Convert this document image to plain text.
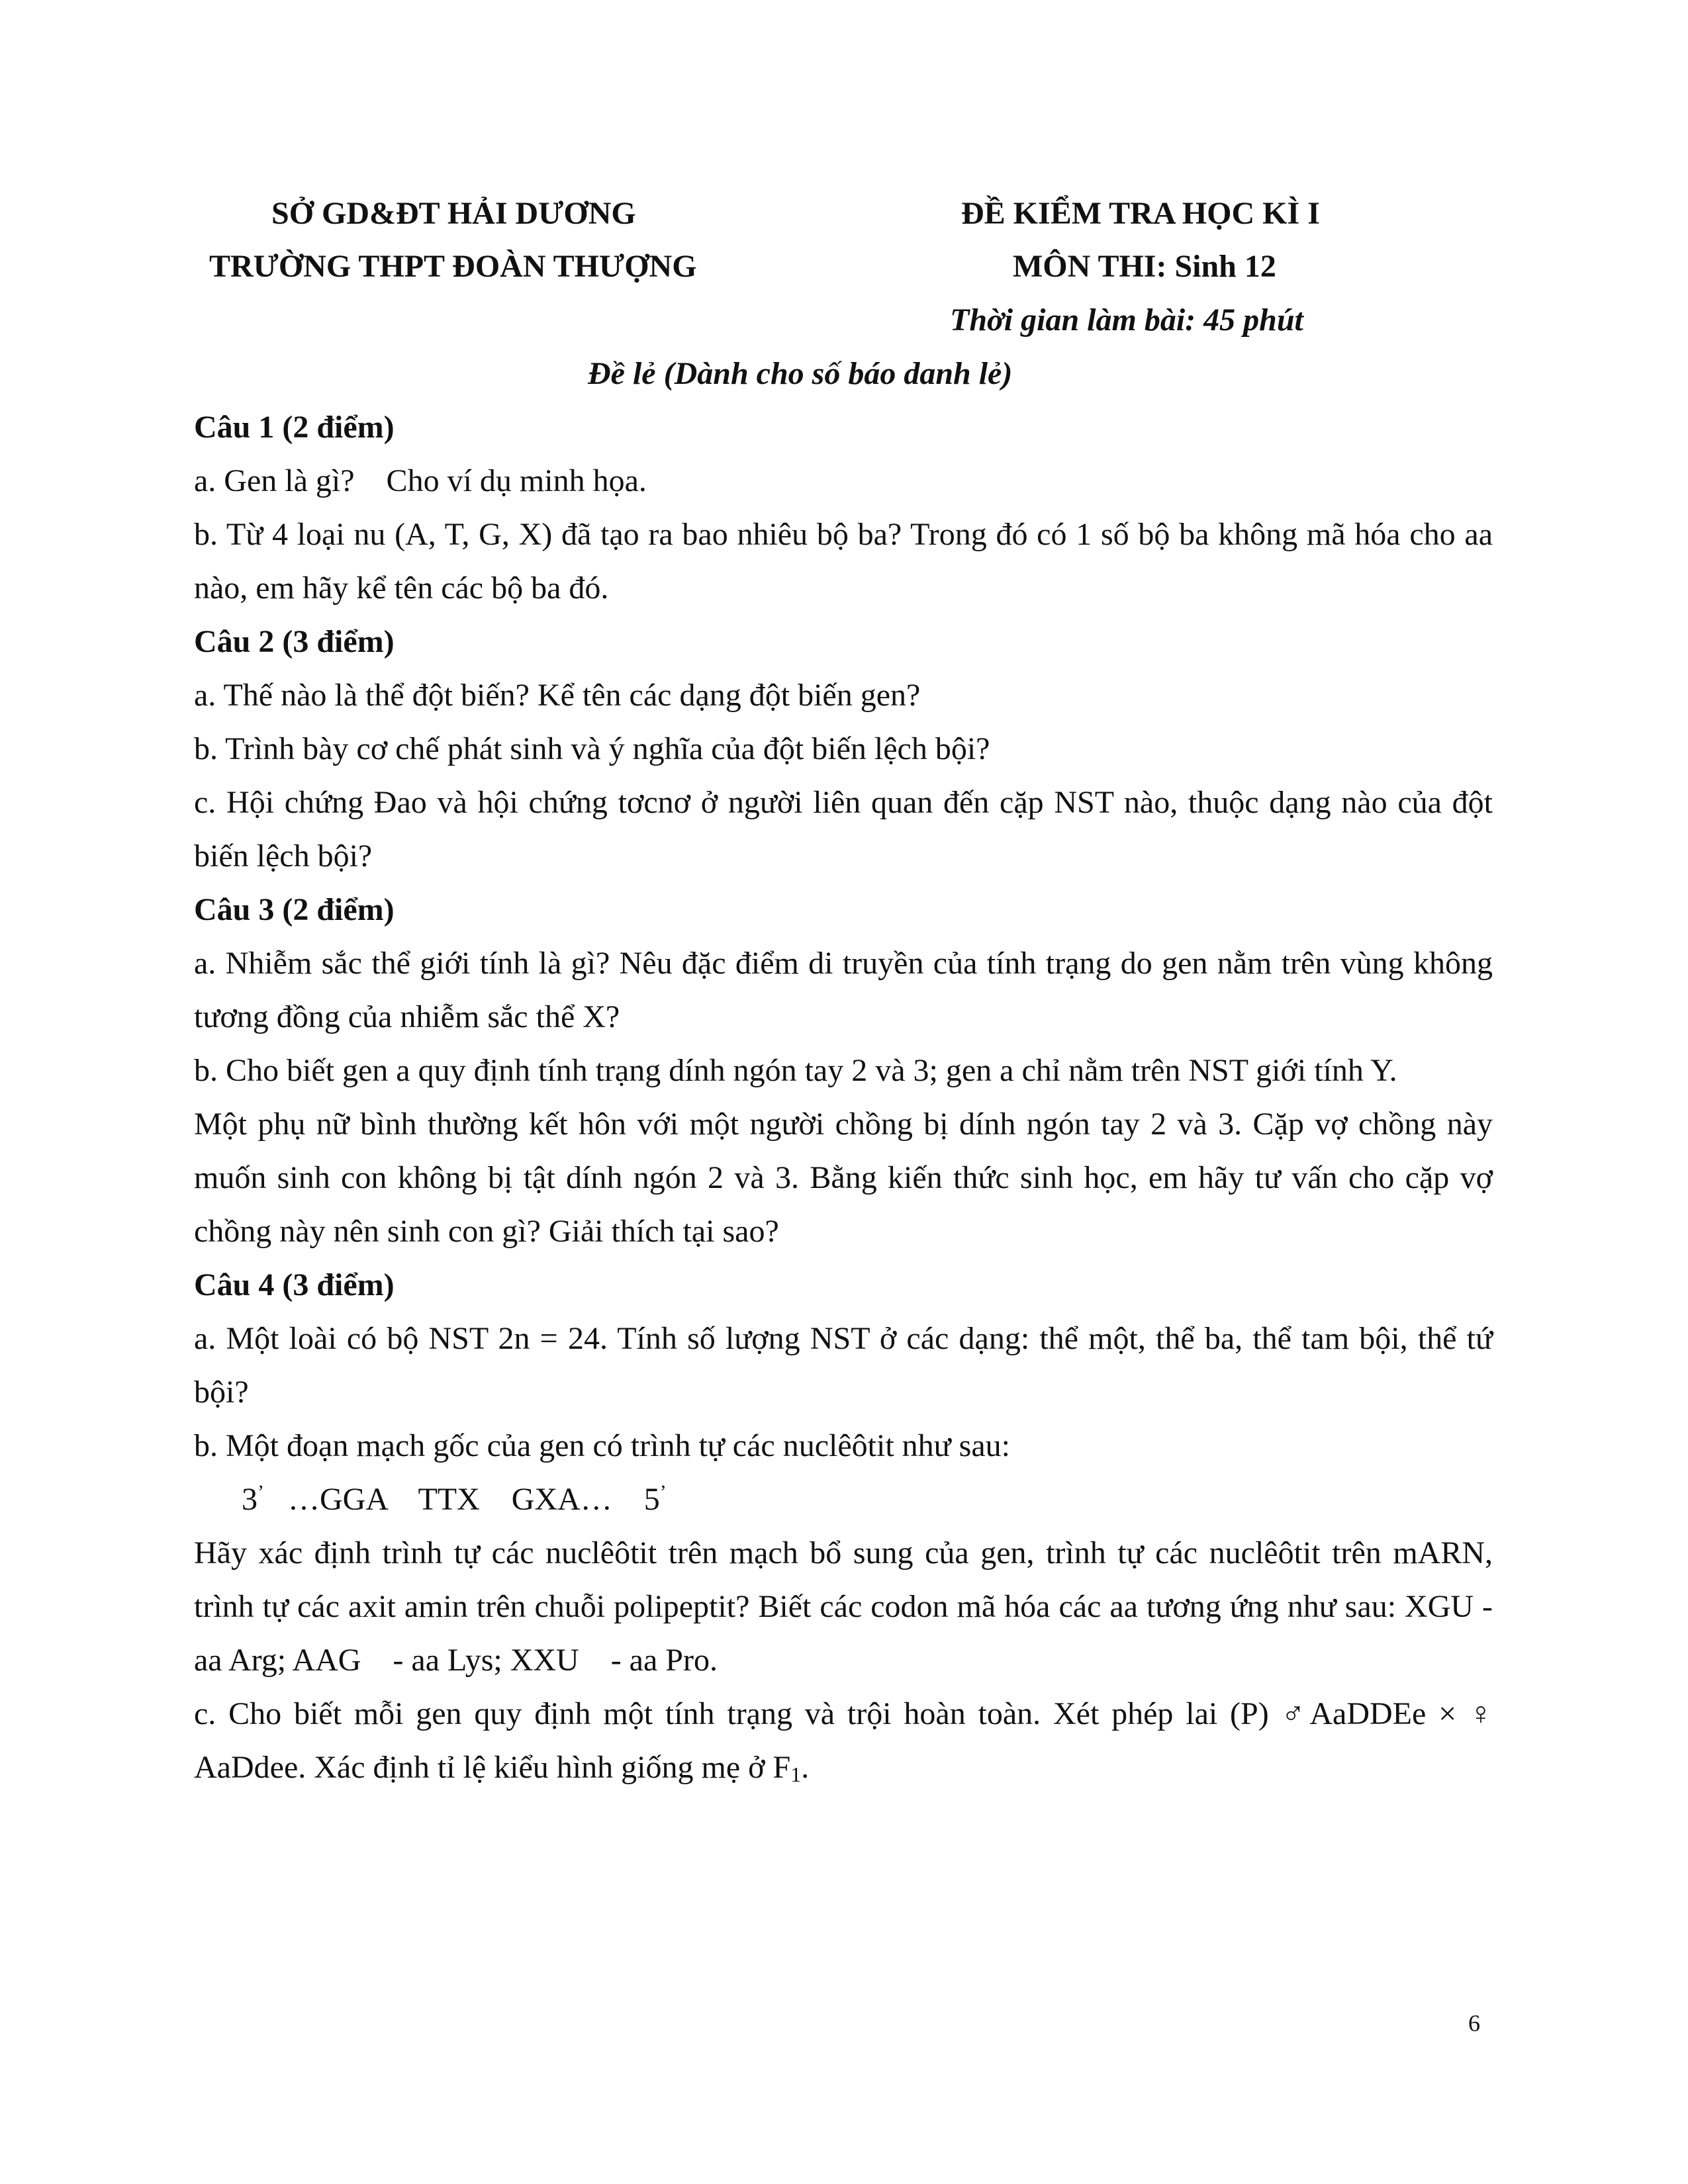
SỞ GD&ĐT HẢI DƯƠNG
TRƯỜNG THPT ĐOÀN THƯỢNG
ĐỀ KIỂM TRA HỌC KÌ I
MÔN THI: Sinh 12
Thời gian làm bài: 45 phút
Đề lẻ (Dành cho số báo danh lẻ)

Câu 1 (2 điểm)

a. Gen là gì?    Cho ví dụ minh họa.

b. Từ 4 loại nu (A, T, G, X) đã tạo ra bao nhiêu bộ ba? Trong đó có 1 số bộ ba không mã hóa cho aa nào, em hãy kể tên các bộ ba đó.

Câu 2 (3 điểm)

a. Thế nào là thể đột biến? Kể tên các dạng đột biến gen?

b. Trình bày cơ chế phát sinh và ý nghĩa của đột biến lệch bội?

c. Hội chứng Đao và hội chứng tơcnơ ở người liên quan đến cặp NST nào, thuộc dạng nào của đột biến lệch bội?

Câu 3 (2 điểm)

a. Nhiễm sắc thể giới tính là gì? Nêu đặc điểm di truyền của tính trạng do gen nằm trên vùng không tương đồng của nhiễm sắc thể X?

b. Cho biết gen a quy định tính trạng dính ngón tay 2 và 3; gen a chỉ nằm trên NST giới tính Y.

Một phụ nữ bình thường kết hôn với một người chồng bị dính ngón tay 2 và 3. Cặp vợ chồng này muốn sinh con không bị tật dính ngón 2 và 3. Bằng kiến thức sinh học, em hãy tư vấn cho cặp vợ chồng này nên sinh con gì? Giải thích tại sao?

Câu 4 (3 điểm)

a. Một loài có bộ NST 2n = 24. Tính số lượng NST ở các dạng: thể một, thể ba, thể tam bội, thể tứ bội?

b. Một đoạn mạch gốc của gen có trình tự các nuclêôtit như sau:

3’   …GGA    TTX    GXA…    5’

Hãy xác định trình tự các nuclêôtit trên mạch bổ sung của gen, trình tự các nuclêôtit trên mARN, trình tự các axit amin trên chuỗi polipeptit? Biết các codon mã hóa các aa tương ứng như sau: XGU - aa Arg; AAG    - aa Lys; XXU    - aa Pro.

c. Cho biết mỗi gen quy định một tính trạng và trội hoàn toàn. Xét phép lai (P) ♂AaDDEe × ♀ AaDdee. Xác định tỉ lệ kiểu hình giống mẹ ở F1.

6
